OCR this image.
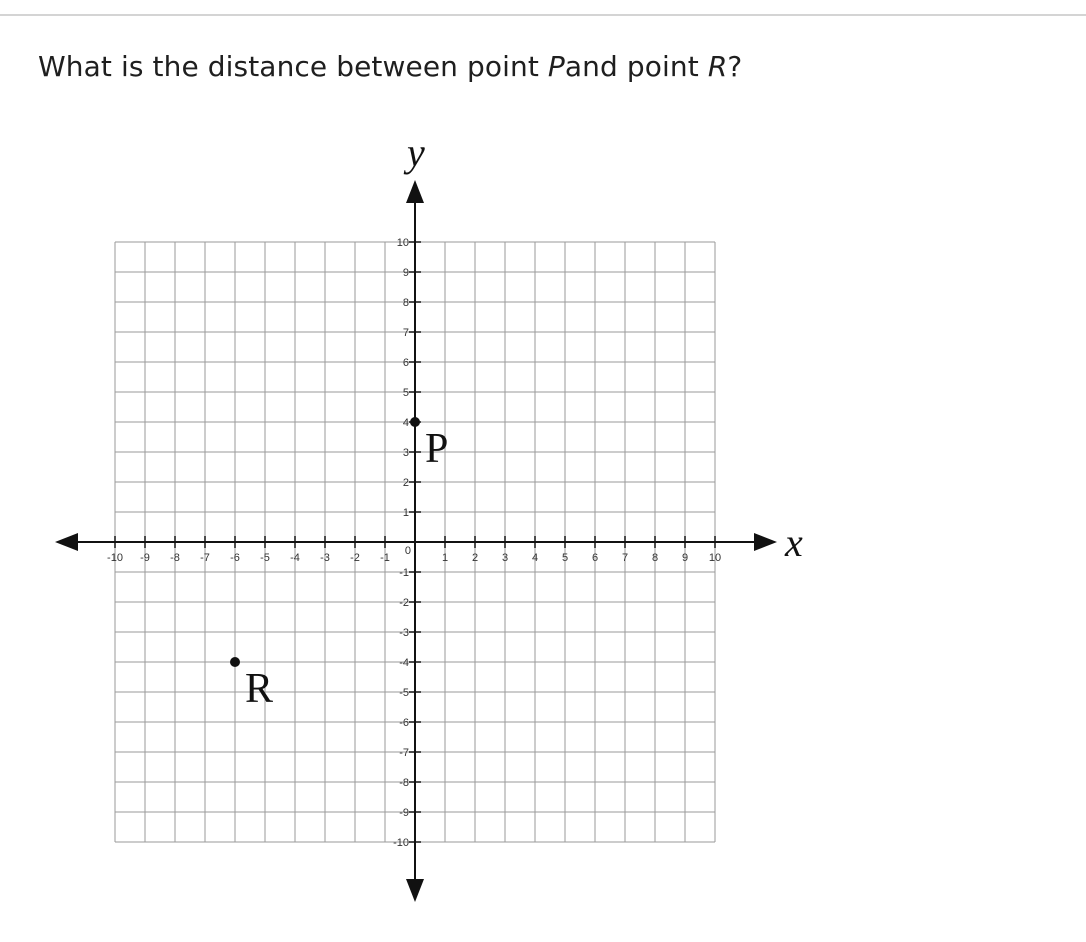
What is the distance between point Pand point R?
x
y
-10 -9 -8 -7 -6 -5 -4 -3 -2 -1	1 2 3 4 5 6 7 8 9 10
10
9
8
7
6
5
4
3
2
1
-1
-2
-3
-4
-5
-6
-7
-8
-9
-10
0
P
R
